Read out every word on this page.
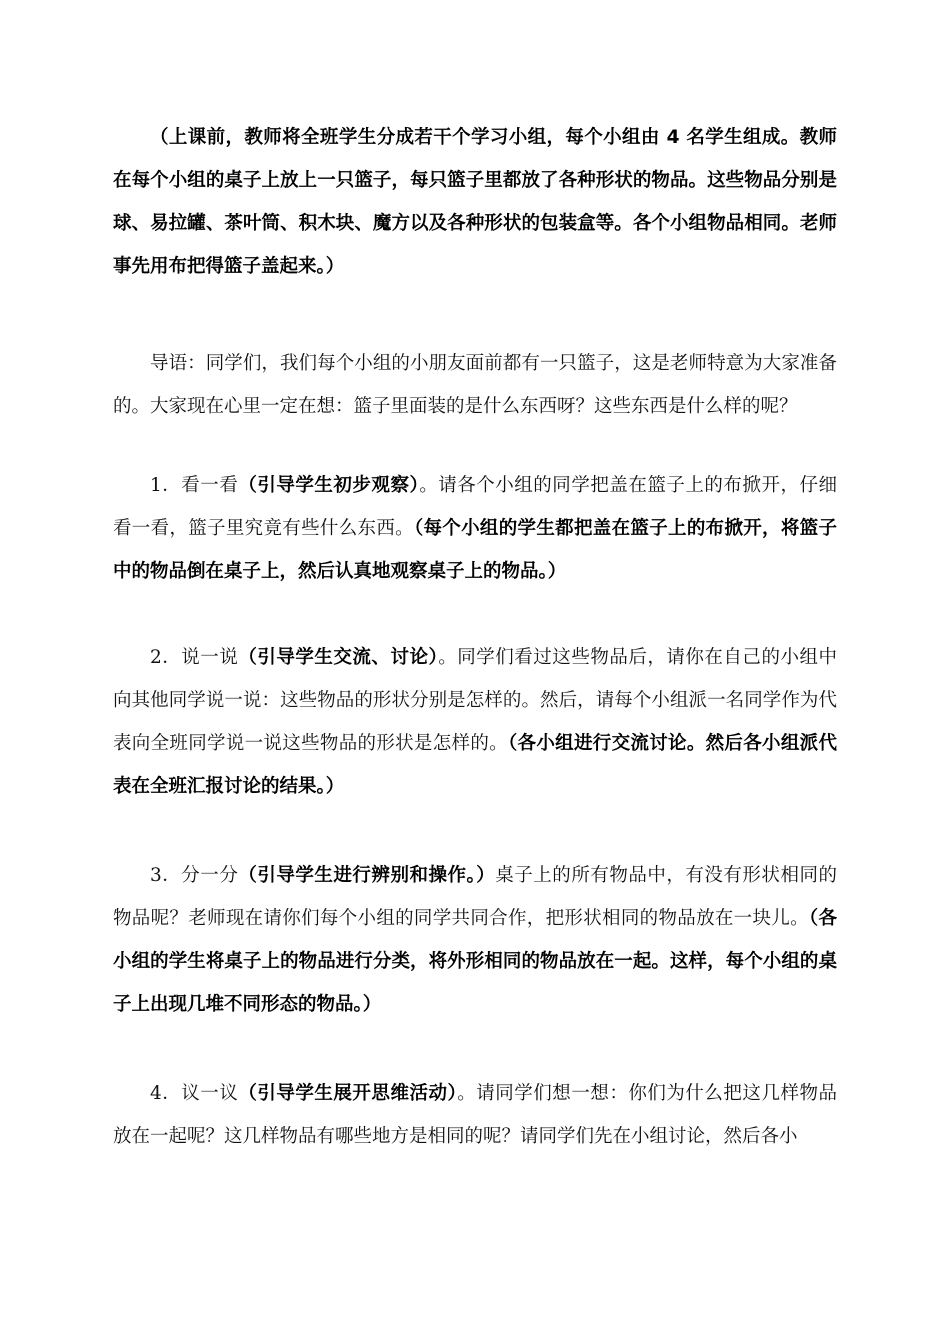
（上课前，教师将全班学生分成若干个学习小组，每个小组由 4 名学生组成。教师在每个小组的桌子上放上一只篮子，每只篮子里都放了各种形状的物品。这些物品分别是球、易拉罐、茶叶筒、积木块、魔方以及各种形状的包装盒等。各个小组物品相同。老师事先用布把得篮子盖起来。）

导语：同学们，我们每个小组的小朋友面前都有一只篮子，这是老师特意为大家准备的。大家现在心里一定在想：篮子里面装的是什么东西呀？这些东西是什么样的呢？

1．看一看（引导学生初步观察）。请各个小组的同学把盖在篮子上的布掀开，仔细看一看，篮子里究竟有些什么东西。（每个小组的学生都把盖在篮子上的布掀开，将篮子中的物品倒在桌子上，然后认真地观察桌子上的物品。）

2．说一说（引导学生交流、讨论）。同学们看过这些物品后，请你在自己的小组中向其他同学说一说：这些物品的形状分别是怎样的。然后，请每个小组派一名同学作为代表向全班同学说一说这些物品的形状是怎样的。（各小组进行交流讨论。然后各小组派代表在全班汇报讨论的结果。）

3．分一分（引导学生进行辨别和操作。）桌子上的所有物品中，有没有形状相同的物品呢？老师现在请你们每个小组的同学共同合作，把形状相同的物品放在一块儿。（各小组的学生将桌子上的物品进行分类，将外形相同的物品放在一起。这样，每个小组的桌子上出现几堆不同形态的物品。）

4．议一议（引导学生展开思维活动）。请同学们想一想：你们为什么把这几样物品放在一起呢？这几样物品有哪些地方是相同的呢？请同学们先在小组讨论，然后各小
